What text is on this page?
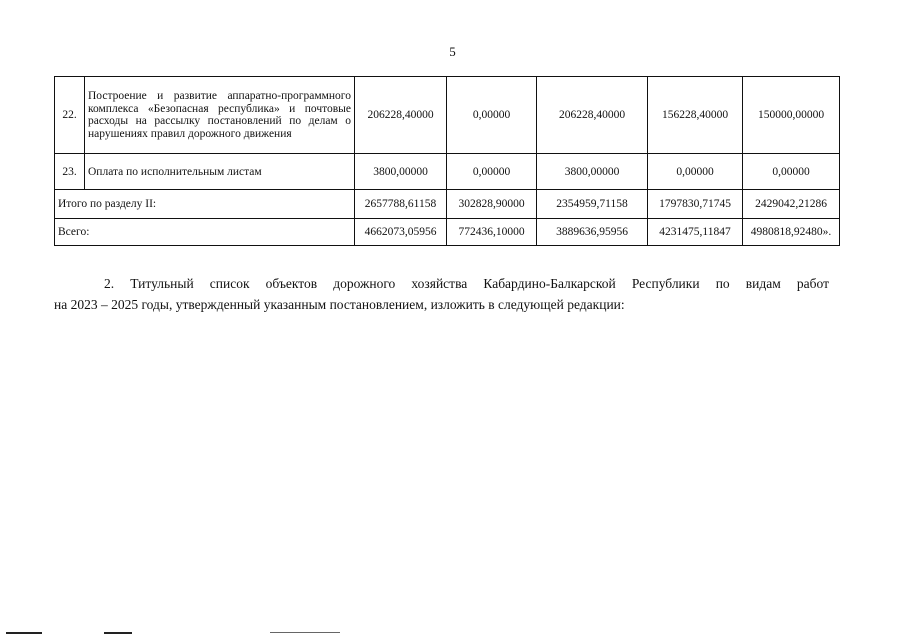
5
22.	Построение и развитие аппаратно-программного комплекса «Безопасная республика» и почтовые расходы на рассылку постановлений по делам о нарушениях правил дорожного движения	206228,40000	0,00000	206228,40000	156228,40000	150000,00000
23.	Оплата по исполнительным листам	3800,00000	0,00000	3800,00000	0,00000	0,00000
Итого по разделу II:		2657788,61158	302828,90000	2354959,71158	1797830,71745	2429042,21286
Всего:		4662073,05956	772436,10000	3889636,95956	4231475,11847	4980818,92480».
2. Титульный список объектов дорожного хозяйства Кабардино-Балкарской Республики по видам работ
на 2023 – 2025 годы, утвержденный указанным постановлением, изложить в следующей редакции:
